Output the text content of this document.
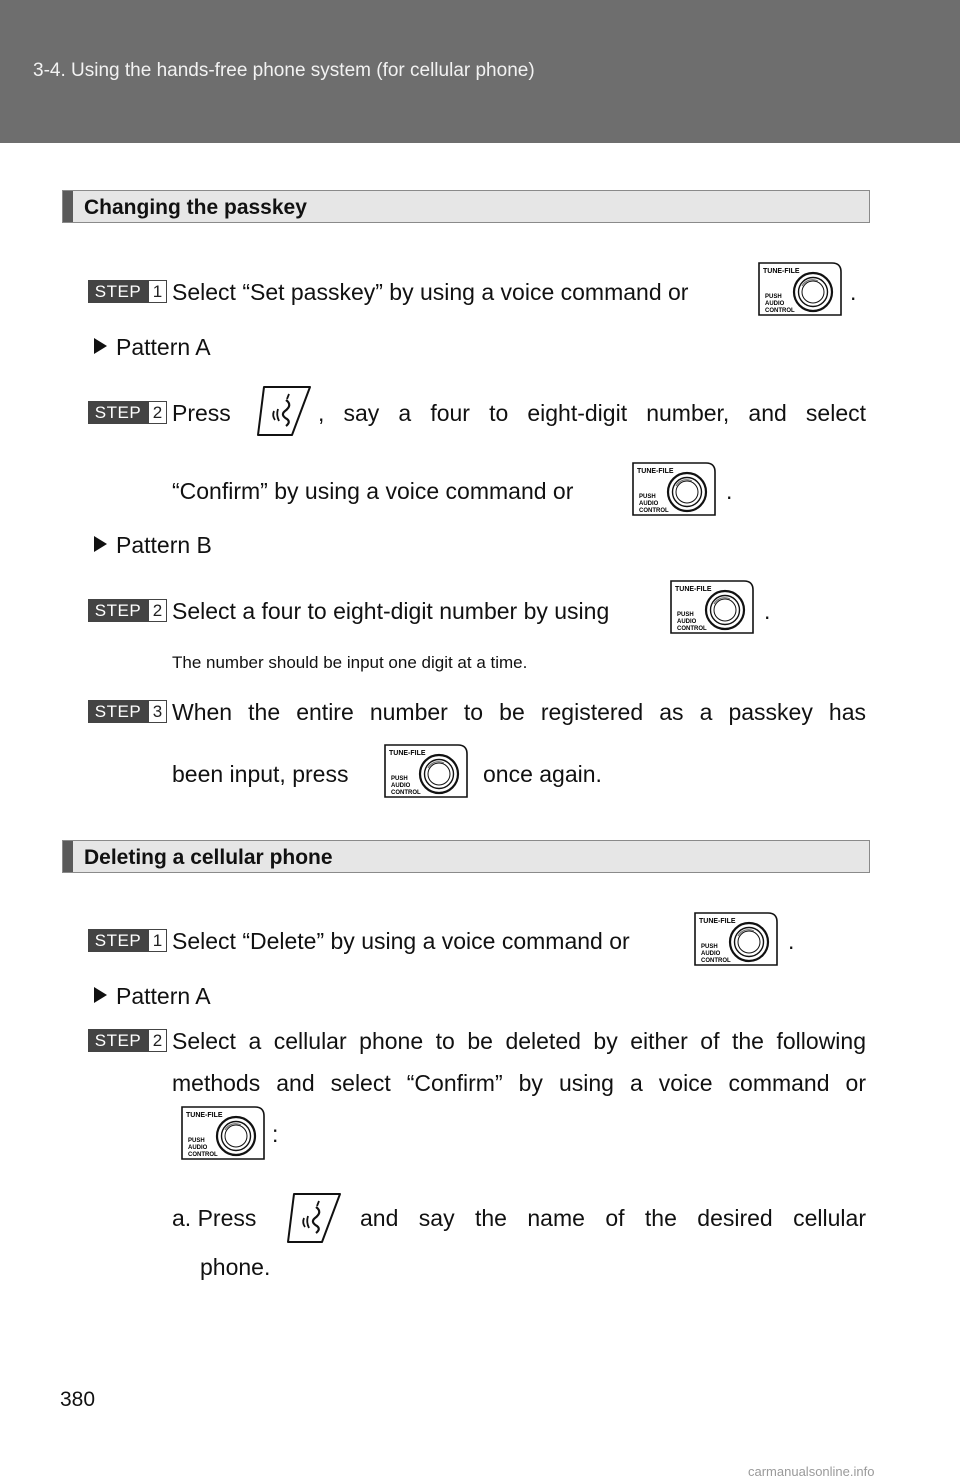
3-4. Using the hands-free phone system (for cellular phone)
Changing the passkey
STEP 1 Select “Set passkey” by using a voice command or
TUNE-FILE
PUSH
AUDIO
CONTROL
.
Pattern A
STEP 2 Press	, say a four to eight-digit number, and select
“Confirm” by using a voice command or
TUNE-FILE
PUSH
AUDIO
CONTROL
.
Pattern B
STEP 2 Select a four to eight-digit number by using
TUNE-FILE
PUSH
AUDIO
CONTROL
.
The number should be input one digit at a time.
STEP 3 When the entire number to be registered as a passkey has
been input, press
TUNE-FILE
PUSH
AUDIO
CONTROL
once again.
Deleting a cellular phone
STEP 1 Select “Delete” by using a voice command or
TUNE-FILE
PUSH
AUDIO
CONTROL
.
Pattern A
STEP 2 Select a cellular phone to be deleted by either of the following
methods and select “Confirm” by using a voice command or
TUNE-FILE
PUSH
AUDIO
CONTROL
:
a. Press	and say the name of the desired cellular
phone.
380
carmanualsonline.info
